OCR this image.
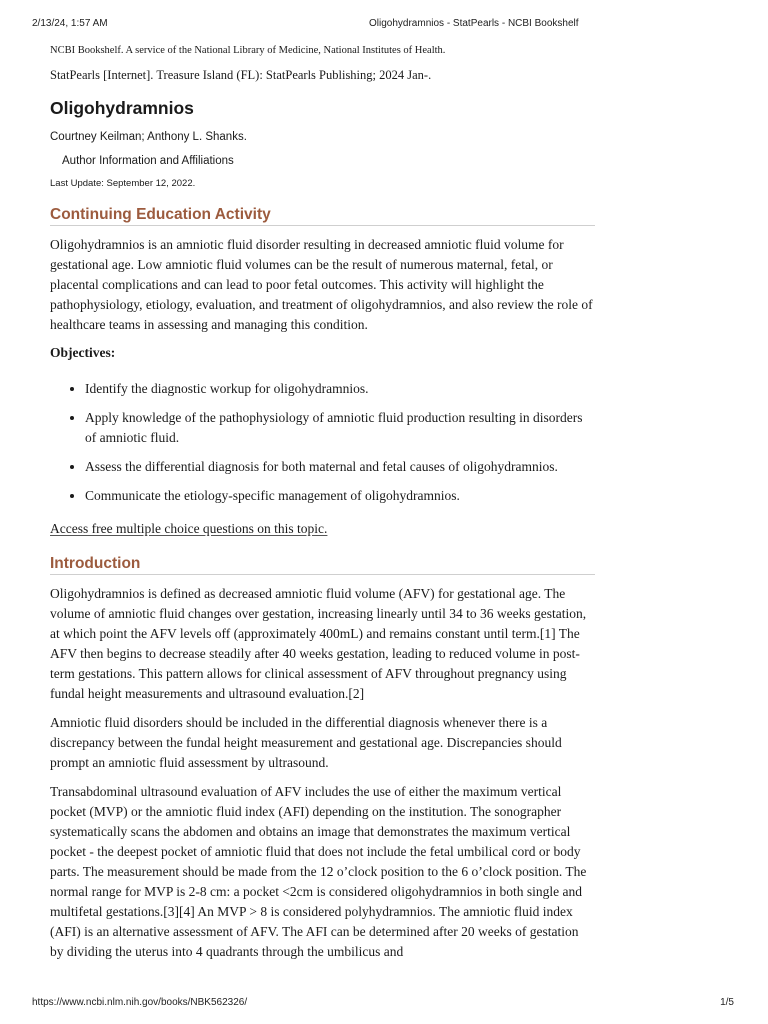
2/13/24, 1:57 AM	Oligohydramnios - StatPearls - NCBI Bookshelf
NCBI Bookshelf. A service of the National Library of Medicine, National Institutes of Health.
StatPearls [Internet]. Treasure Island (FL): StatPearls Publishing; 2024 Jan-.
Oligohydramnios
Courtney Keilman; Anthony L. Shanks.
Author Information and Affiliations
Last Update: September 12, 2022.
Continuing Education Activity

Oligohydramnios is an amniotic fluid disorder resulting in decreased amniotic fluid volume for gestational age. Low amniotic fluid volumes can be the result of numerous maternal, fetal, or placental complications and can lead to poor fetal outcomes. This activity will highlight the pathophysiology, etiology, evaluation, and treatment of oligohydramnios, and also review the role of healthcare teams in assessing and managing this condition.

Objectives:
• Identify the diagnostic workup for oligohydramnios.
• Apply knowledge of the pathophysiology of amniotic fluid production resulting in disorders of amniotic fluid.
• Assess the differential diagnosis for both maternal and fetal causes of oligohydramnios.
• Communicate the etiology-specific management of oligohydramnios.
Access free multiple choice questions on this topic.
Introduction

Oligohydramnios is defined as decreased amniotic fluid volume (AFV) for gestational age. The volume of amniotic fluid changes over gestation, increasing linearly until 34 to 36 weeks gestation, at which point the AFV levels off (approximately 400mL) and remains constant until term.[1] The AFV then begins to decrease steadily after 40 weeks gestation, leading to reduced volume in post-term gestations. This pattern allows for clinical assessment of AFV throughout pregnancy using fundal height measurements and ultrasound evaluation.[2]

Amniotic fluid disorders should be included in the differential diagnosis whenever there is a discrepancy between the fundal height measurement and gestational age. Discrepancies should prompt an amniotic fluid assessment by ultrasound.

Transabdominal ultrasound evaluation of AFV includes the use of either the maximum vertical pocket (MVP) or the amniotic fluid index (AFI) depending on the institution. The sonographer systematically scans the abdomen and obtains an image that demonstrates the maximum vertical pocket - the deepest pocket of amniotic fluid that does not include the fetal umbilical cord or body parts. The measurement should be made from the 12 o’clock position to the 6 o’clock position. The normal range for MVP is 2-8 cm: a pocket <2cm is considered oligohydramnios in both single and multifetal gestations.[3][4] An MVP > 8 is considered polyhydramnios. The amniotic fluid index (AFI) is an alternative assessment of AFV. The AFI can be determined after 20 weeks of gestation by dividing the uterus into 4 quadrants through the umbilicus and

https://www.ncbi.nlm.nih.gov/books/NBK562326/	1/5
